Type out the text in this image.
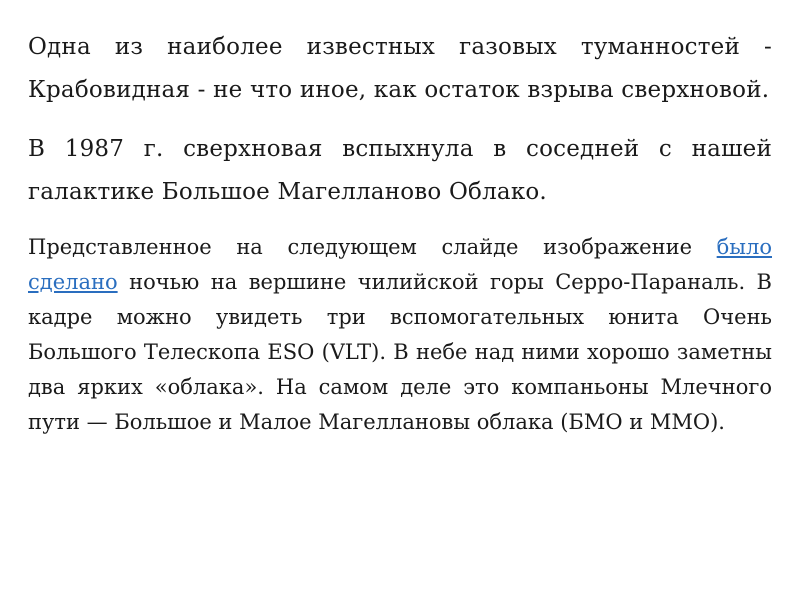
Одна из наиболее известных газовых туманностей - Крабовидная - не что иное, как остаток взрыва сверхновой.

В 1987 г. сверхновая вспыхнула в соседней с нашей галактике Большое Магелланово Облако.

Представленное на следующем слайде изображение было сделано ночью на вершине чилийской горы Серро-Параналь. В кадре можно увидеть три вспомогательных юнита Очень Большого Телескопа ESO (VLT). В небе над ними хорошо заметны два ярких «облака». На самом деле это компаньоны Млечного пути — Большое и Малое Магеллановы облака (БМО и ММО).
